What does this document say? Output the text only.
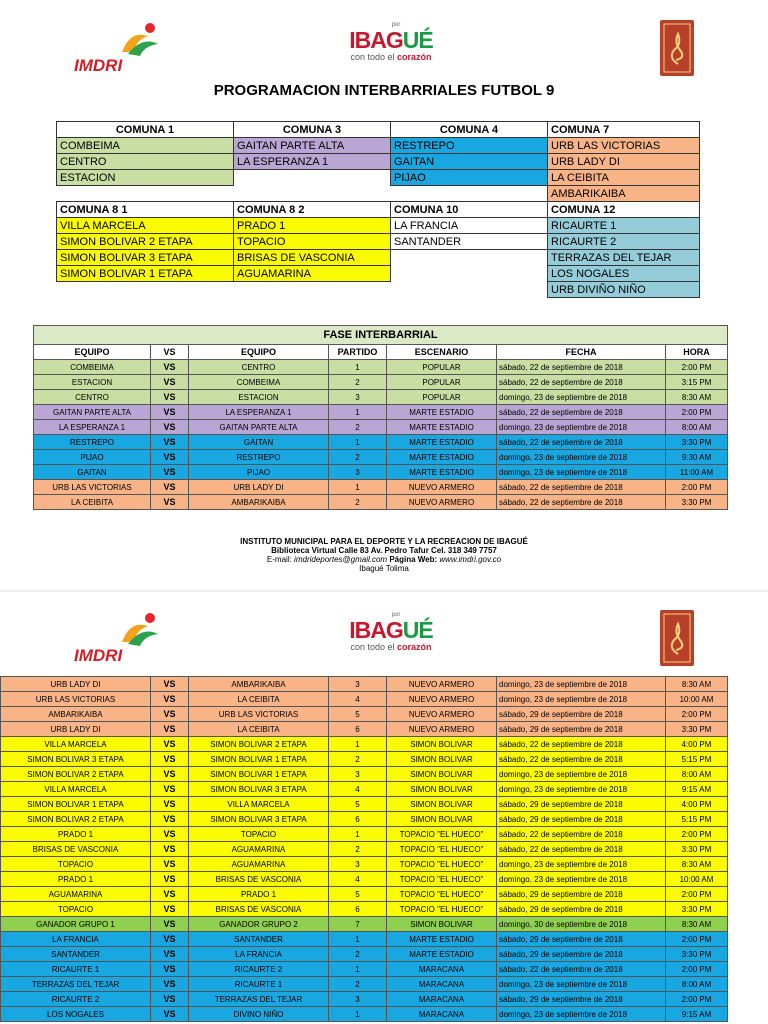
IMDRI
por
IBAGUÉ
con todo el corazón
PROGRAMACION INTERBARRIALES FUTBOL 9
COMUNA 1	COMUNA 3	COMUNA 4	COMUNA 7
COMBEIMA	GAITAN PARTE ALTA	RESTREPO	URB LAS VICTORIAS
CENTRO	LA ESPERANZA 1	GAITAN	URB LADY DI
ESTACION		PIJAO	LA CEIBITA
			AMBARIKAIBA
COMUNA 8 1	COMUNA 8 2	COMUNA 10	COMUNA 12
VILLA MARCELA	PRADO 1	LA FRANCIA	RICAURTE 1
SIMON BOLIVAR 2 ETAPA	TOPACIO	SANTANDER	RICAURTE 2
SIMON BOLIVAR 3 ETAPA	BRISAS DE VASCONIA		TERRAZAS DEL TEJAR
SIMON BOLIVAR 1 ETAPA	AGUAMARINA		LOS NOGALES
			URB DIVIÑO NIÑO
FASE INTERBARRIAL						
EQUIPO	VS	EQUIPO	PARTIDO	ESCENARIO	FECHA	HORA
COMBEIMA	VS	CENTRO	1	POPULAR	sábado, 22 de septiembre de 2018	2:00 PM
ESTACION	VS	COMBEIMA	2	POPULAR	sábado, 22 de septiembre de 2018	3:15 PM
CENTRO	VS	ESTACION	3	POPULAR	domingo, 23 de septiembre de 2018	8:30 AM
GAITAN PARTE ALTA	VS	LA ESPERANZA 1	1	MARTE ESTADIO	sábado, 22 de septiembre de 2018	2:00 PM
LA ESPERANZA 1	VS	GAITAN PARTE ALTA	2	MARTE ESTADIO	domingo, 23 de septiembre de 2018	8:00 AM
RESTREPO	VS	GAITAN	1	MARTE ESTADIO	sábado, 22 de septiembre de 2018	3:30 PM
PIJAO	VS	RESTREPO	2	MARTE ESTADIO	domingo, 23 de septiembre de 2018	9:30 AM
GAITAN	VS	PIJAO	3	MARTE ESTADIO	domingo, 23 de septiembre de 2018	11:00 AM
URB LAS VICTORIAS	VS	URB LADY DI	1	NUEVO ARMERO	sábado, 22 de septiembre de 2018	2:00 PM
LA CEIBITA	VS	AMBARIKAIBA	2	NUEVO ARMERO	sábado, 22 de septiembre de 2018	3:30 PM
INSTITUTO MUNICIPAL PARA EL DEPORTE Y LA RECREACION DE IBAGUÉ
Biblioteca Virtual Calle 83 Av. Pedro Tafur Cel. 318 349 7757
E-mail: imdrideportes@gmail.com Página Web: www.imdri.gov.co
Ibagué Tolima
IMDRI
por
IBAGUÉ
con todo el corazón
URB LADY DI	VS	AMBARIKAIBA	3	NUEVO ARMERO	domingo, 23 de septiembre de 2018	8:30 AM
URB LAS VICTORIAS	VS	LA CEIBITA	4	NUEVO ARMERO	domingo, 23 de septiembre de 2018	10:00 AM
AMBARIKAIBA	VS	URB LAS VICTORIAS	5	NUEVO ARMERO	sábado, 29 de septiembre de 2018	2:00 PM
URB LADY DI	VS	LA CEIBITA	6	NUEVO ARMERO	sábado, 29 de septiembre de 2018	3:30 PM
VILLA MARCELA	VS	SIMON BOLIVAR 2 ETAPA	1	SIMON BOLIVAR	sábado, 22 de septiembre de 2018	4:00 PM
SIMON BOLIVAR 3 ETAPA	VS	SIMON BOLIVAR 1 ETAPA	2	SIMON BOLIVAR	sábado, 22 de septiembre de 2018	5:15 PM
SIMON BOLIVAR 2 ETAPA	VS	SIMON BOLIVAR 1 ETAPA	3	SIMON BOLIVAR	domingo, 23 de septiembre de 2018	8:00 AM
VILLA MARCELA	VS	SIMON BOLIVAR 3 ETAPA	4	SIMON BOLIVAR	domingo, 23 de septiembre de 2018	9:15 AM
SIMON BOLIVAR 1 ETAPA	VS	VILLA MARCELA	5	SIMON BOLIVAR	sábado, 29 de septiembre de 2018	4:00 PM
SIMON BOLIVAR 2 ETAPA	VS	SIMON BOLIVAR 3 ETAPA	6	SIMON BOLIVAR	sábado, 29 de septiembre de 2018	5:15 PM
PRADO 1	VS	TOPACIO	1	TOPACIO "EL HUECO"	sábado, 22 de septiembre de 2018	2:00 PM
BRISAS DE VASCONIA	VS	AGUAMARINA	2	TOPACIO "EL HUECO"	sábado, 22 de septiembre de 2018	3:30 PM
TOPACIO	VS	AGUAMARINA	3	TOPACIO "EL HUECO"	domingo, 23 de septiembre de 2018	8:30 AM
PRADO 1	VS	BRISAS DE VASCONIA	4	TOPACIO "EL HUECO"	domingo, 23 de septiembre de 2018	10:00 AM
AGUAMARINA	VS	PRADO 1	5	TOPACIO "EL HUECO"	sábado, 29 de septiembre de 2018	2:00 PM
TOPACIO	VS	BRISAS DE VASCONIA	6	TOPACIO "EL HUECO"	sábado, 29 de septiembre de 2018	3:30 PM
GANADOR GRUPO 1	VS	GANADOR GRUPO 2	7	SIMON BOLIVAR	domingo, 30 de septiembre de 2018	8:30 AM
LA FRANCIA	VS	SANTANDER	1	MARTE ESTADIO	sábado, 29 de septiembre de 2018	2:00 PM
SANTANDER	VS	LA FRANCIA	2	MARTE ESTADIO	sábado, 29 de septiembre de 2018	3:30 PM
RICAURTE 1	VS	RICAURTE 2	1	MARACANA	sábado, 22 de septiembre de 2018	2:00 PM
TERRAZAS DEL TEJAR	VS	RICAURTE 1	2	MARACANA	domingo, 23 de septiembre de 2018	8:00 AM
RICAURTE 2	VS	TERRAZAS DEL TEJAR	3	MARACANA	sábado, 29 de septiembre de 2018	2:00 PM
LOS NOGALES	VS	DIVINO NIÑO	1	MARACANA	domingo, 23 de septiembre de 2018	9:15 AM
